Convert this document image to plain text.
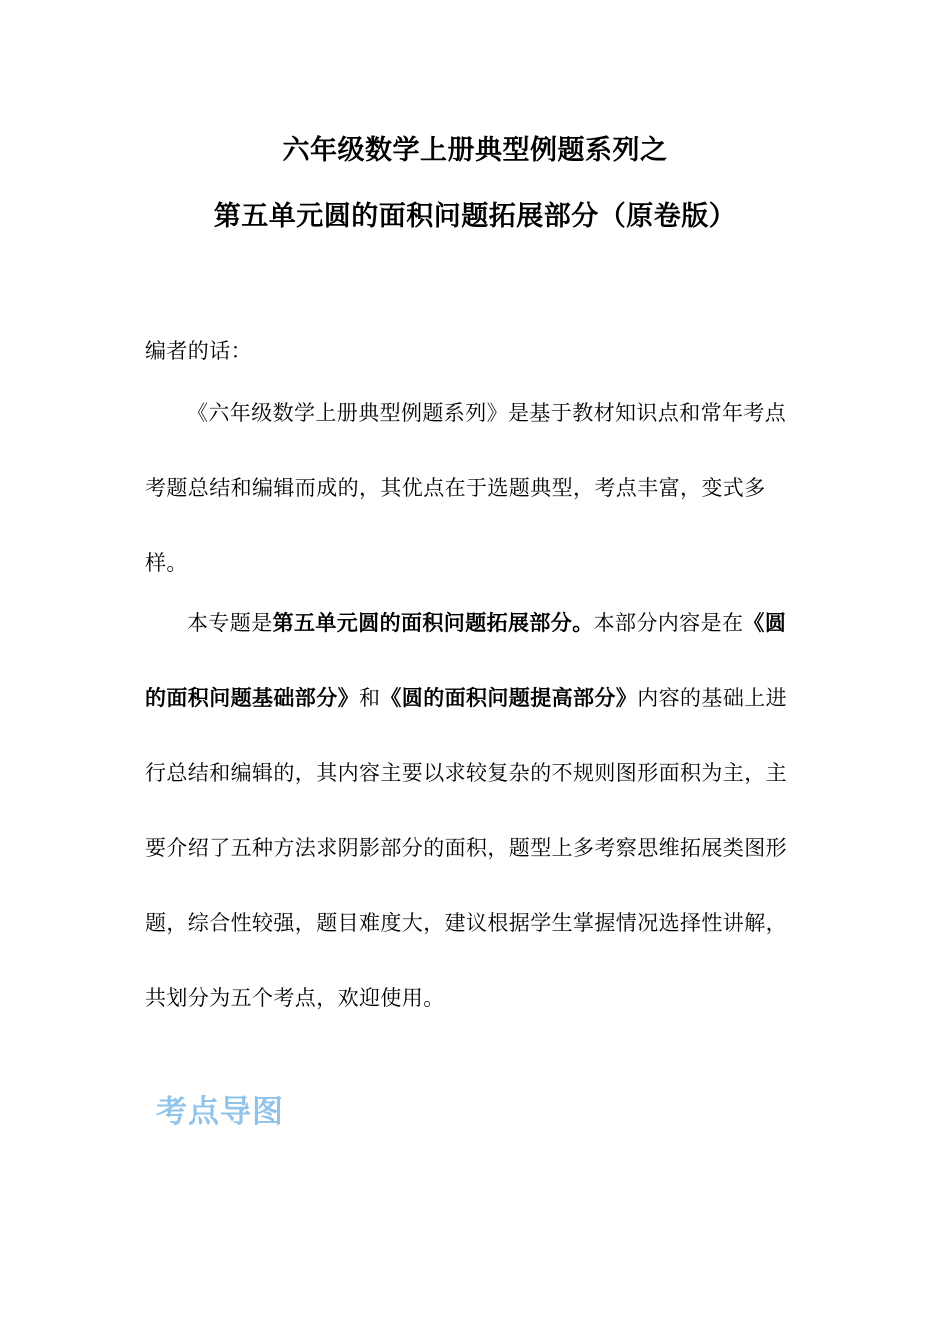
六年级数学上册典型例题系列之
第五单元圆的面积问题拓展部分（原卷版）
编者的话：
《六年级数学上册典型例题系列》是基于教材知识点和常年考点考题总结和编辑而成的，其优点在于选题典型，考点丰富，变式多样。
本专题是第五单元圆的面积问题拓展部分。本部分内容是在《圆的面积问题基础部分》和《圆的面积问题提高部分》内容的基础上进行总结和编辑的，其内容主要以求较复杂的不规则图形面积为主，主要介绍了五种方法求阴影部分的面积，题型上多考察思维拓展类图形题，综合性较强，题目难度大，建议根据学生掌握情况选择性讲解，共划分为五个考点，欢迎使用。
考点导图
